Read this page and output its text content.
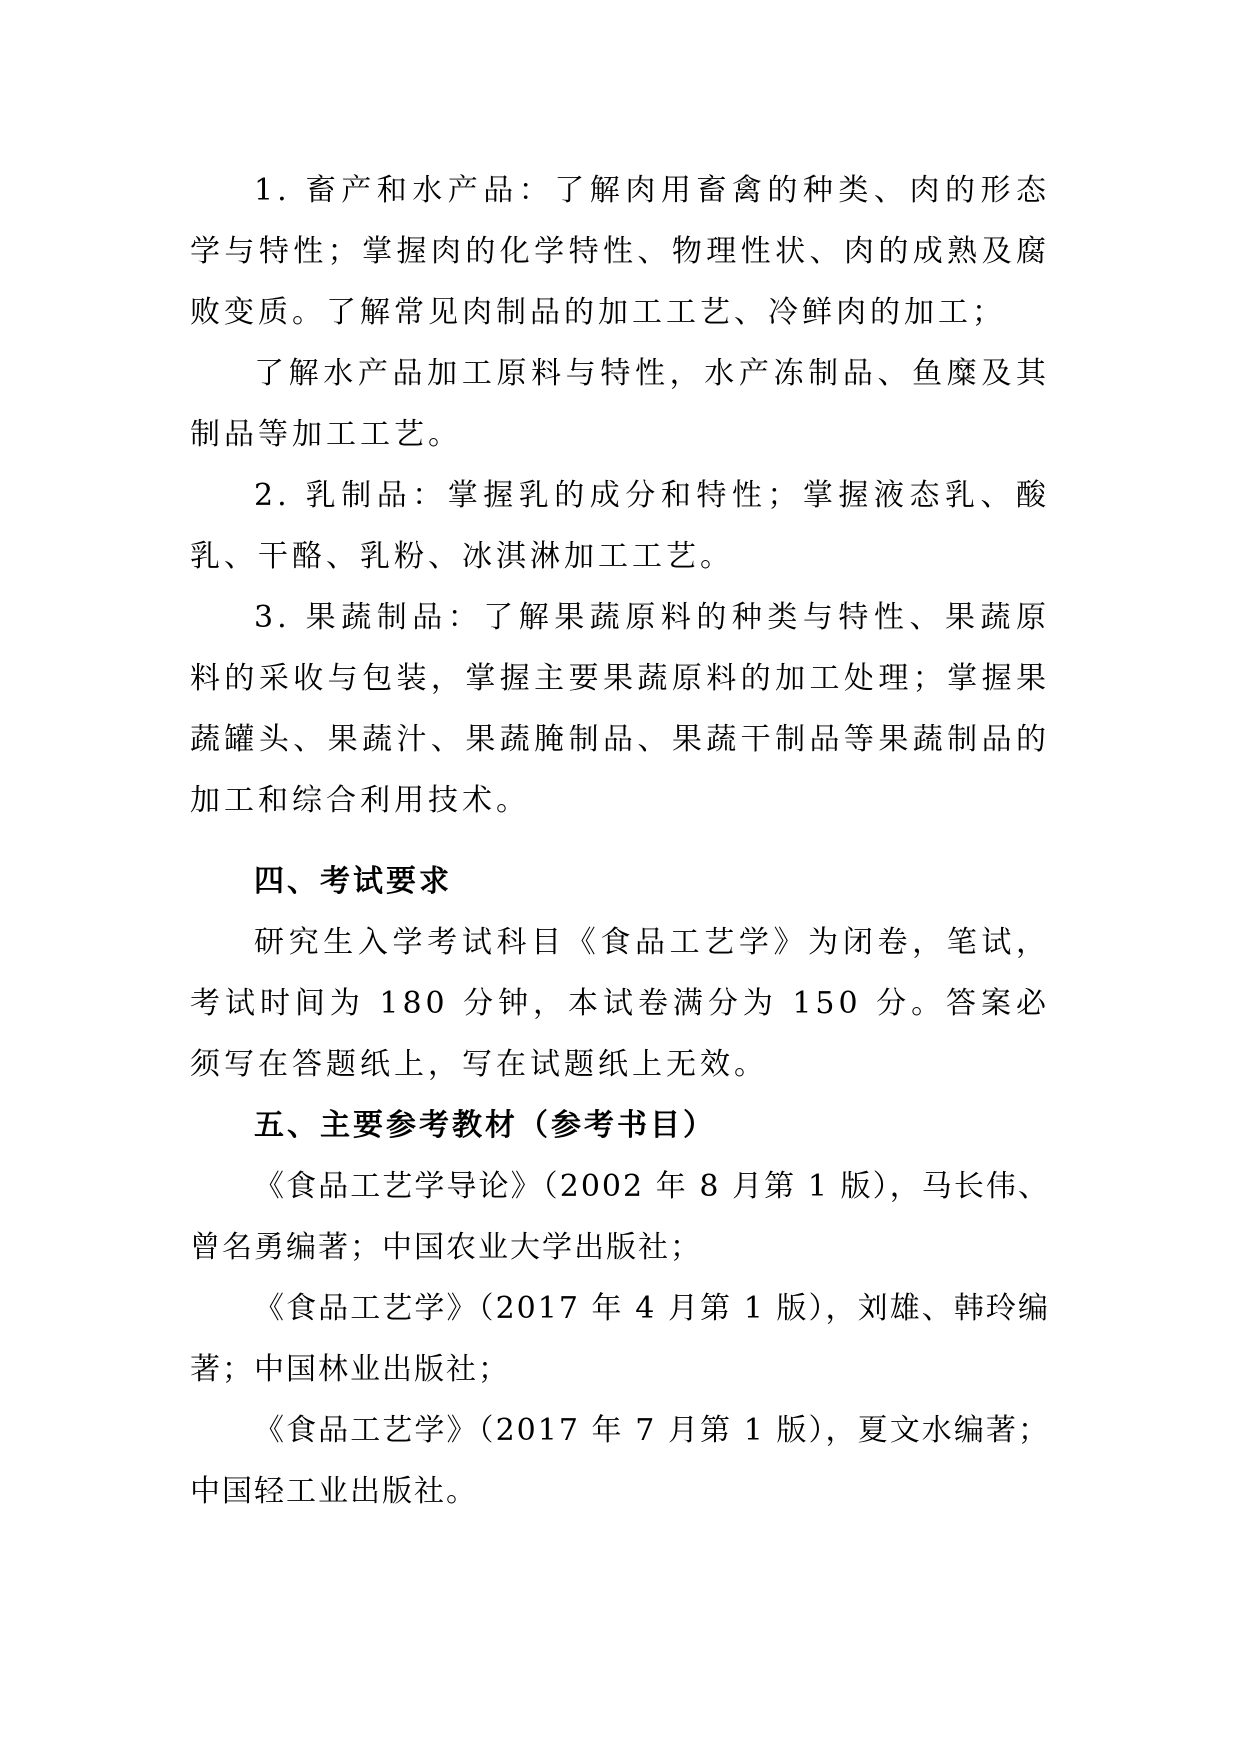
1. 畜产和水产品：了解肉用畜禽的种类、肉的形态学与特性；掌握肉的化学特性、物理性状、肉的成熟及腐败变质。了解常见肉制品的加工工艺、冷鲜肉的加工；

了解水产品加工原料与特性，水产冻制品、鱼糜及其制品等加工工艺。

2. 乳制品：掌握乳的成分和特性；掌握液态乳、酸乳、干酪、乳粉、冰淇淋加工工艺。

3. 果蔬制品：了解果蔬原料的种类与特性、果蔬原料的采收与包装，掌握主要果蔬原料的加工处理；掌握果蔬罐头、果蔬汁、果蔬腌制品、果蔬干制品等果蔬制品的加工和综合利用技术。

四、考试要求

研究生入学考试科目《食品工艺学》为闭卷，笔试，考试时间为 180 分钟，本试卷满分为 150 分。答案必须写在答题纸上，写在试题纸上无效。

五、主要参考教材（参考书目）

《食品工艺学导论》（2002 年 8 月第 1 版），马长伟、曾名勇编著；中国农业大学出版社；

《食品工艺学》（2017 年 4 月第 1 版），刘雄、韩玲编著；中国林业出版社；

《食品工艺学》（2017 年 7 月第 1 版），夏文水编著；中国轻工业出版社。
